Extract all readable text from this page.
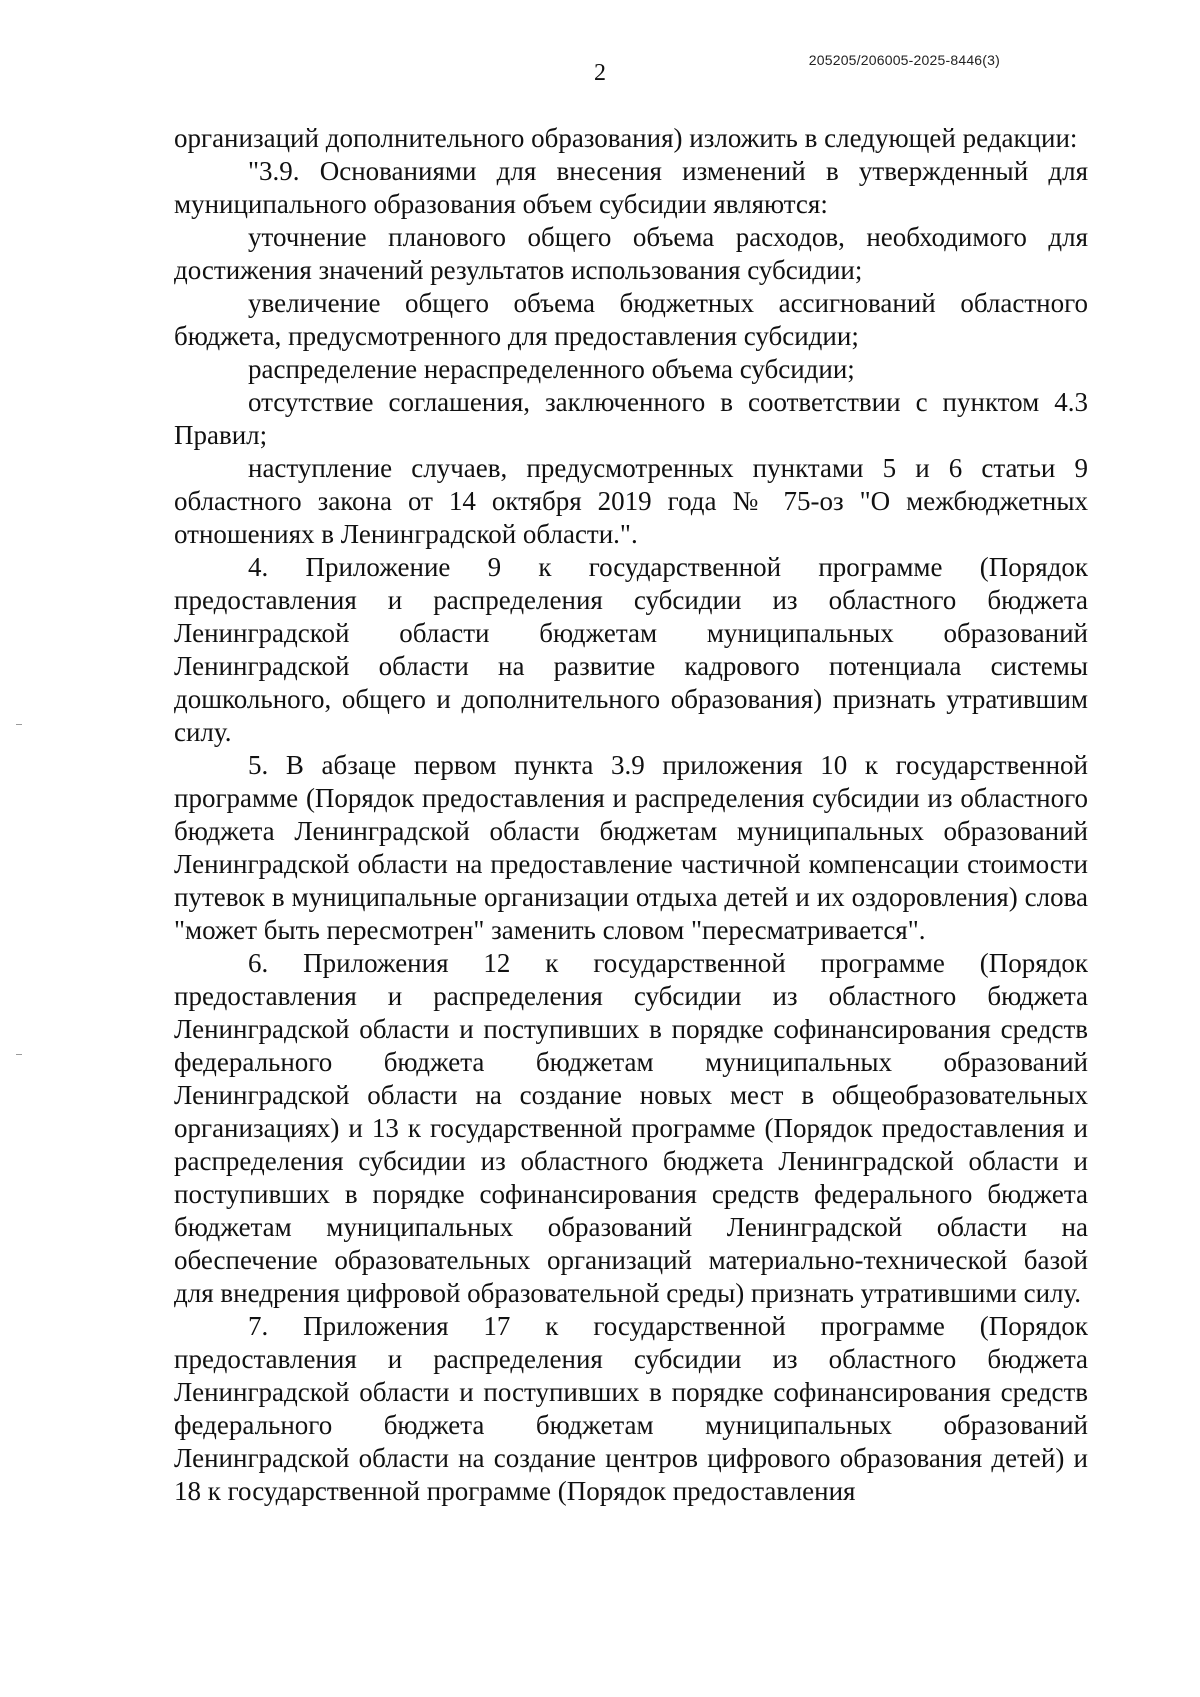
205205/206005-2025-8446(3)
2

организаций дополнительного образования) изложить в следующей редакции:

"3.9. Основаниями для внесения изменений в утвержденный для муниципального образования объем субсидии являются:

уточнение планового общего объема расходов, необходимого для достижения значений результатов использования субсидии;

увеличение общего объема бюджетных ассигнований областного бюджета, предусмотренного для предоставления субсидии;

распределение нераспределенного объема субсидии;

отсутствие соглашения, заключенного в соответствии с пунктом 4.3 Правил;

наступление случаев, предусмотренных пунктами 5 и 6 статьи 9 областного закона от 14 октября 2019 года № 75-оз "О межбюджетных отношениях в Ленинградской области.".

4. Приложение 9 к государственной программе (Порядок предоставления и распределения субсидии из областного бюджета Ленинградской области бюджетам муниципальных образований Ленинградской области на развитие кадрового потенциала системы дошкольного, общего и дополнительного образования) признать утратившим силу.

5. В абзаце первом пункта 3.9 приложения 10 к государственной программе (Порядок предоставления и распределения субсидии из областного бюджета Ленинградской области бюджетам муниципальных образований Ленинградской области на предоставление частичной компенсации стоимости путевок в муниципальные организации отдыха детей и их оздоровления) слова "может быть пересмотрен" заменить словом "пересматривается".

6. Приложения 12 к государственной программе (Порядок предоставления и распределения субсидии из областного бюджета Ленинградской области и поступивших в порядке софинансирования средств федерального бюджета бюджетам муниципальных образований Ленинградской области на создание новых мест в общеобразовательных организациях) и 13 к государственной программе (Порядок предоставления и распределения субсидии из областного бюджета Ленинградской области и поступивших в порядке софинансирования средств федерального бюджета бюджетам муниципальных образований Ленинградской области на обеспечение образовательных организаций материально-технической базой для внедрения цифровой образовательной среды) признать утратившими силу.

7. Приложения 17 к государственной программе (Порядок предоставления и распределения субсидии из областного бюджета Ленинградской области и поступивших в порядке софинансирования средств федерального бюджета бюджетам муниципальных образований Ленинградской области на создание центров цифрового образования детей) и 18 к государственной программе (Порядок предоставления
